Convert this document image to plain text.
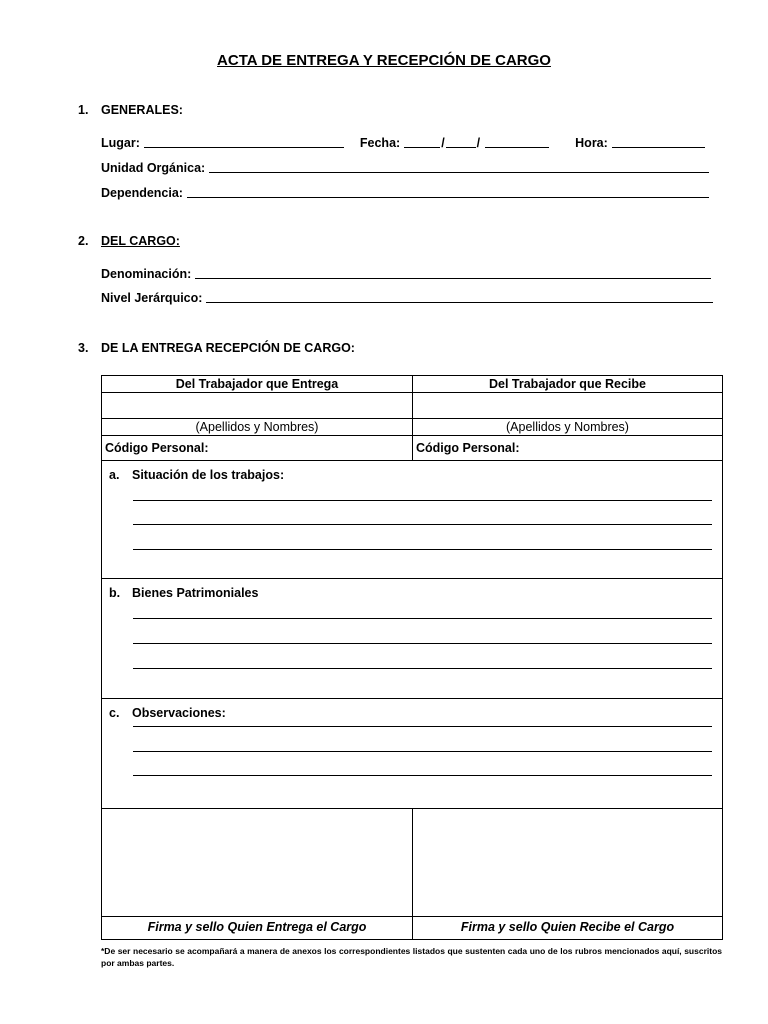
ACTA DE ENTREGA Y RECEPCIÓN DE CARGO
1. GENERALES:
Lugar:	Fecha:	/	/	Hora:
Unidad Orgánica:
Dependencia:
2. DEL CARGO:
Denominación:
Nivel Jerárquico:
3. DE LA ENTREGA RECEPCIÓN DE CARGO:
Del Trabajador que Entrega	Del Trabajador que Recibe

(Apellidos y Nombres)	(Apellidos y Nombres)
Código Personal:	Código Personal:

a. Situación de los trabajos:	

b. Bienes Patrimoniales	

c. Observaciones:	

Firma y sello Quien Entrega el Cargo	Firma y sello Quien Recibe el Cargo
*De ser necesario se acompañará a manera de anexos los correspondientes listados que sustenten cada uno de los rubros mencionados aquí, suscritos por ambas partes.
